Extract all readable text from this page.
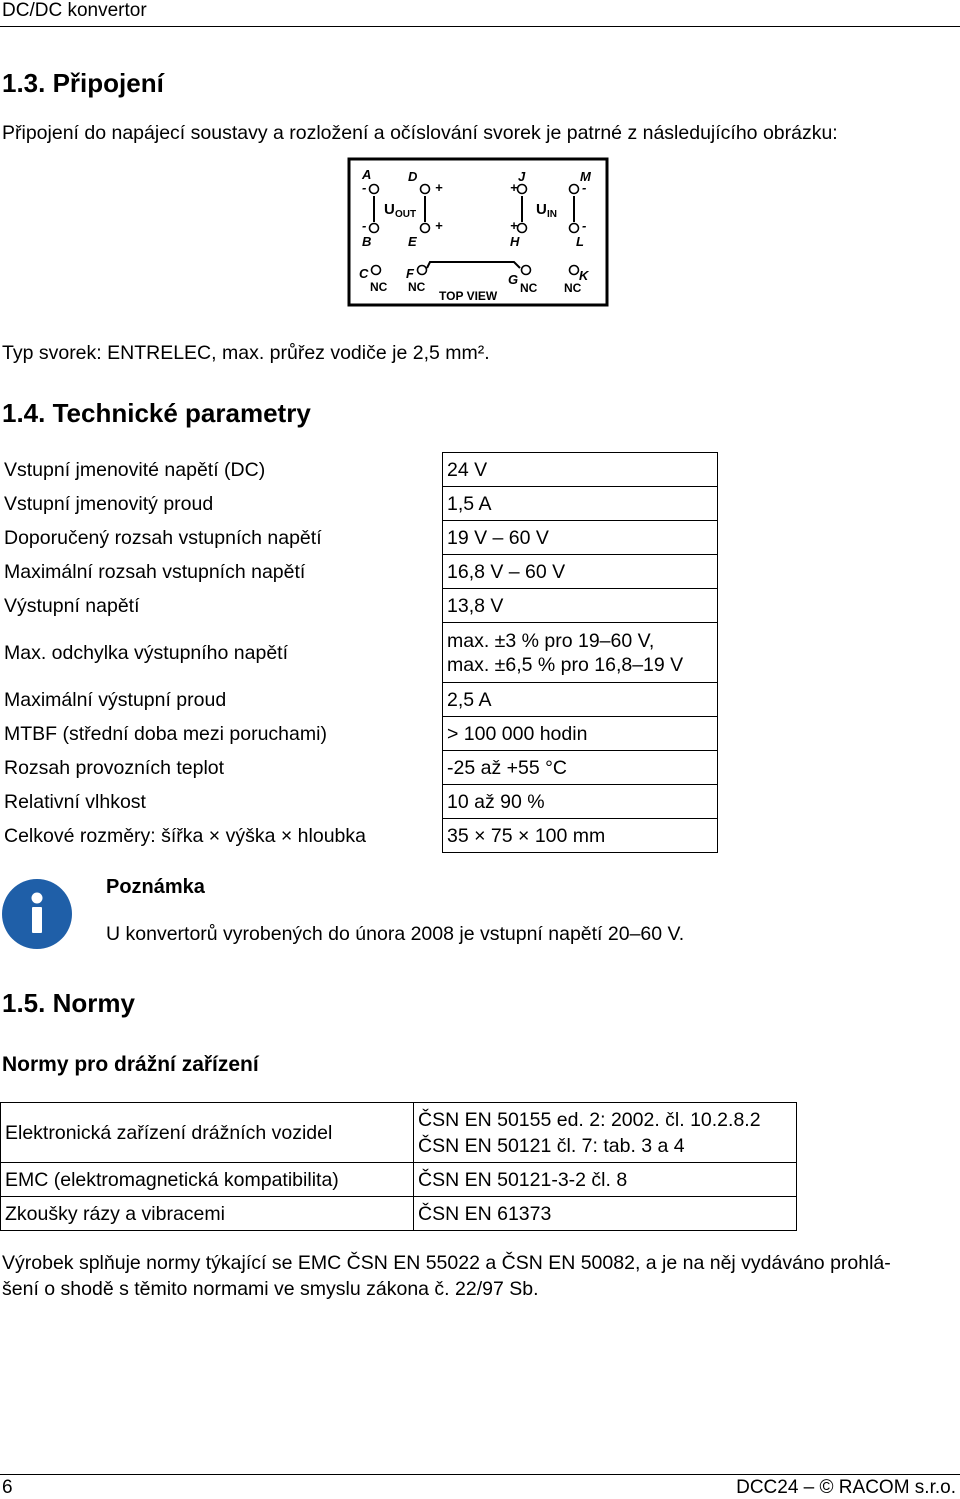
DC/DC konvertor
1.3. Připojení
Připojení do napájecí soustavy a rozložení a očíslování svorek je patrné z následujícího obrázku:
A	D	J	M
-	+	+	-
-	+	+	-
B	E	H	L
C	F	G	K
U OUT	U IN
NC NC	NC NC
TOP VIEW
Typ svorek: ENTRELEC, max. průřez vodiče je 2,5 mm².
1.4. Technické parametry
Vstupní jmenovité napětí (DC)	24 V
Vstupní jmenovitý proud	1,5 A
Doporučený rozsah vstupních napětí	19 V – 60 V
Maximální rozsah vstupních napětí	16,8 V – 60 V
Výstupní napětí	13,8 V
Max. odchylka výstupního napětí	max. ±3 % pro 19–60 V,
max. ±6,5 % pro 16,8–19 V

Maximální výstupní proud	2,5 A
MTBF (střední doba mezi poruchami)	> 100 000 hodin
Rozsah provozních teplot	-25 až +55 °C
Relativní vlhkost	10 až 90 %
Celkové rozměry: šířka × výška × hloubka	35 × 75 × 100 mm
Poznámka
U konvertorů vyrobených do února 2008 je vstupní napětí 20–60 V.
1.5. Normy
Normy pro drážní zařízení
Elektronická zařízení drážních vozidel	ČSN EN 50155 ed. 2: 2002. čl. 10.2.8.2
ČSN EN 50121 čl. 7: tab. 3 a 4

EMC (elektromagnetická kompatibilita)	ČSN EN 50121-3-2 čl. 8
Zkoušky rázy a vibracemi	ČSN EN 61373
Výrobek splňuje normy týkající se EMC ČSN EN 55022 a ČSN EN 50082, a je na něj vydáváno prohlá-
šení o shodě s těmito normami ve smyslu zákona č. 22/97 Sb.
6	DCC24 – © RACOM s.r.o.
